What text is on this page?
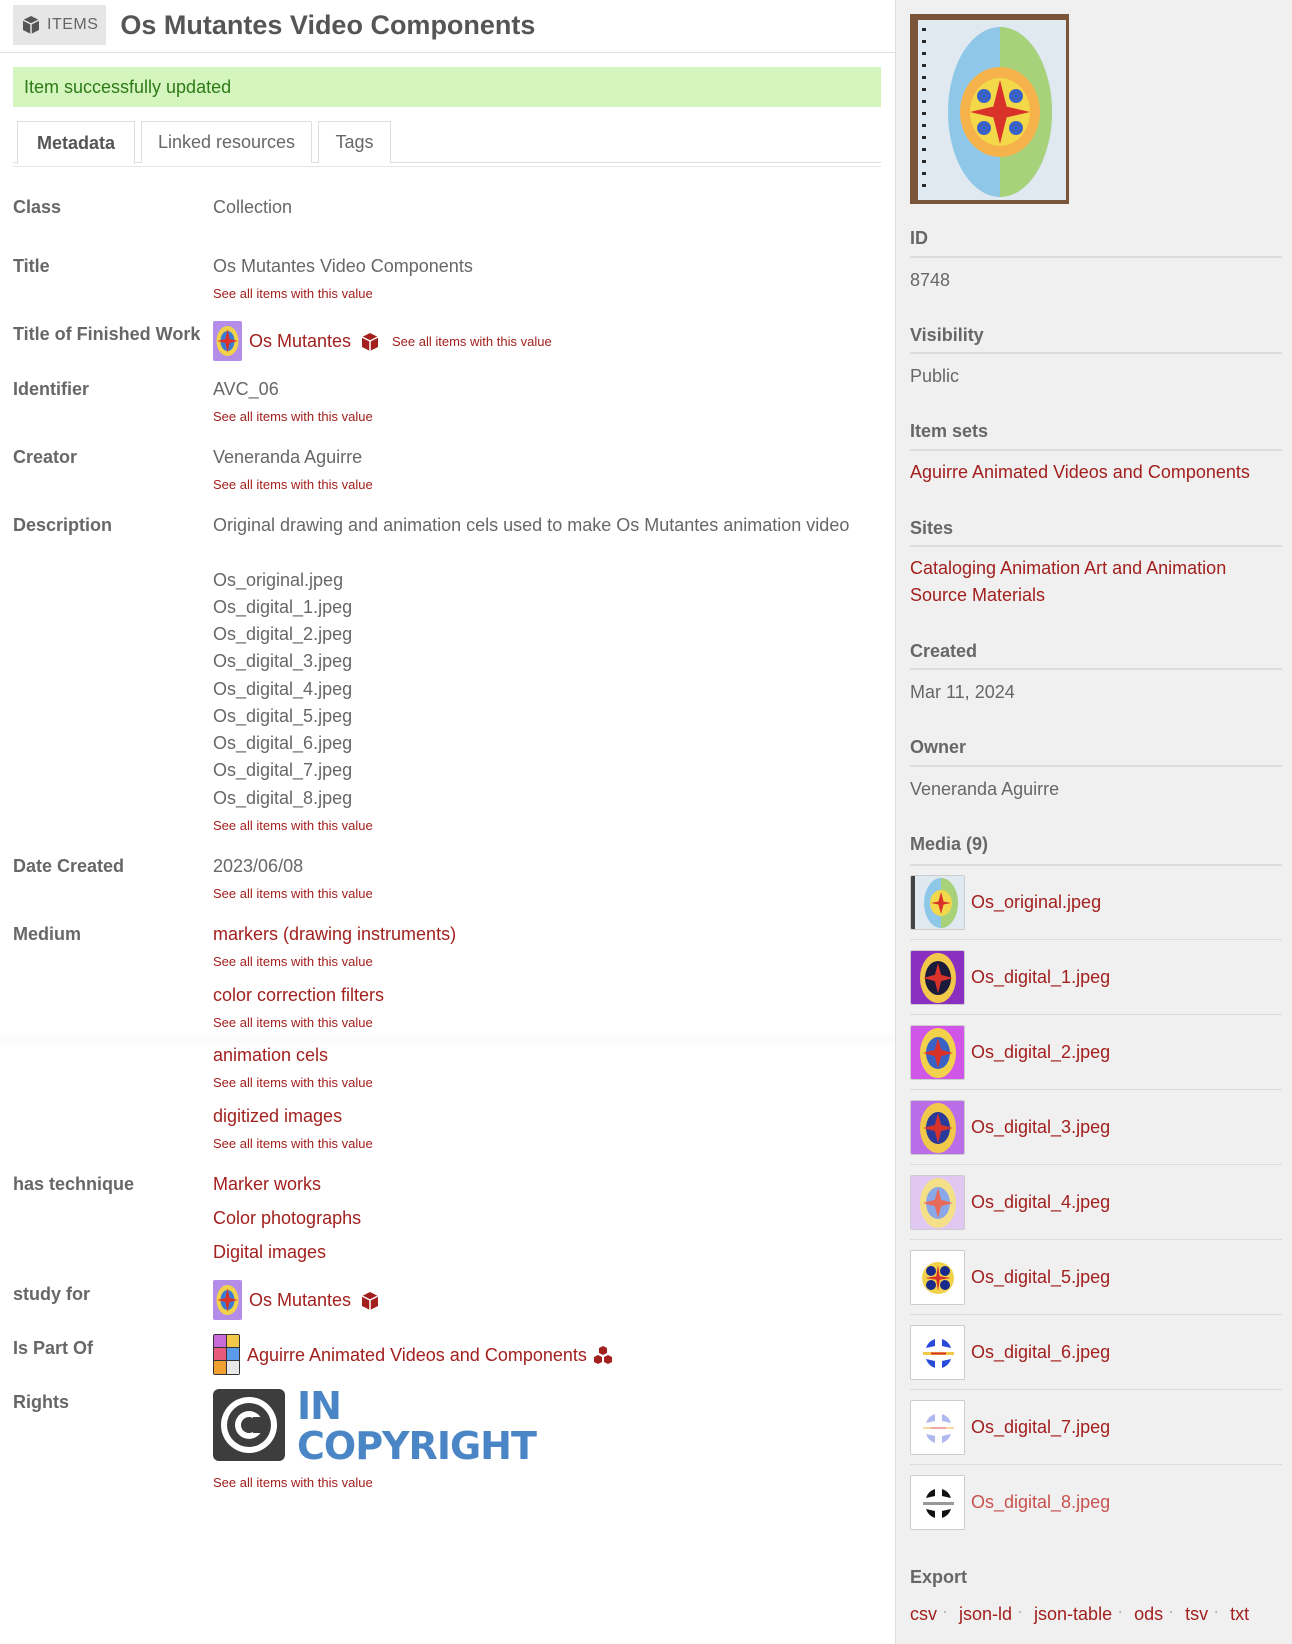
ITEMS Os Mutantes Video Components
Item successfully updated
Metadata	Linked resources	Tags
Class	Collection
Title	Os Mutantes Video Components
See all items with this value
Title of Finished Work	Os Mutantes	See all items with this value
Identifier	AVC_06
See all items with this value
Creator	Veneranda Aguirre
See all items with this value
Description	Original drawing and animation cels used to make Os Mutantes animation video
Os_original.jpeg
Os_digital_1.jpeg
Os_digital_2.jpeg
Os_digital_3.jpeg
Os_digital_4.jpeg
Os_digital_5.jpeg
Os_digital_6.jpeg
Os_digital_7.jpeg
Os_digital_8.jpeg
See all items with this value
Date Created	2023/06/08
See all items with this value
Medium	markers (drawing instruments)
See all items with this value
color correction filters
See all items with this value
animation cels
See all items with this value
digitized images
See all items with this value
has technique	Marker works
Color photographs
Digital images
study for	Os Mutantes
Is Part Of	Aguirre Animated Videos and Components
Rights	IN
COPYRIGHT
See all items with this value
ID
8748
Visibility
Public
Item sets
Aguirre Animated Videos and Components
Sites
Cataloging Animation Art and Animation Source Materials
Created
Mar 11, 2024
Owner
Veneranda Aguirre
Media (9)
Os_original.jpeg
Os_digital_1.jpeg
Os_digital_2.jpeg
Os_digital_3.jpeg
Os_digital_4.jpeg
Os_digital_5.jpeg
Os_digital_6.jpeg
Os_digital_7.jpeg
Os_digital_8.jpeg
Export
csv · json-ld · json-table · ods · tsv · txt
